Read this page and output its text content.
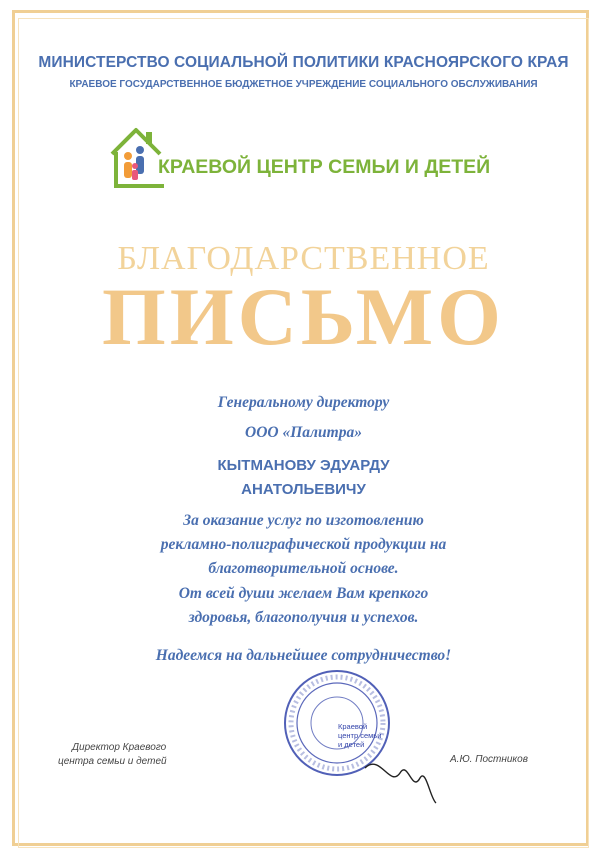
МИНИСТЕРСТВО СОЦИАЛЬНОЙ ПОЛИТИКИ КРАСНОЯРСКОГО КРАЯ
КРАЕВОЕ ГОСУДАРСТВЕННОЕ БЮДЖЕТНОЕ УЧРЕЖДЕНИЕ СОЦИАЛЬНОГО ОБСЛУЖИВАНИЯ
КРАЕВОЙ ЦЕНТР СЕМЬИ И ДЕТЕЙ
БЛАГОДАРСТВЕННОЕ
ПИСЬМО
Генеральному директору
ООО «Палитра»
КЫТМАНОВУ ЭДУАРДУ
АНАТОЛЬЕВИЧУ
За оказание услуг по изготовлению
рекламно-полиграфической продукции на
благотворительной основе.
От всей души желаем Вам крепкого
здоровья, благополучия и успехов.
Надеемся на дальнейшее сотрудничество!
Директор Краевого
центра семьи и детей	А.Ю. Постников
Краевой
центр семьи
и детей
